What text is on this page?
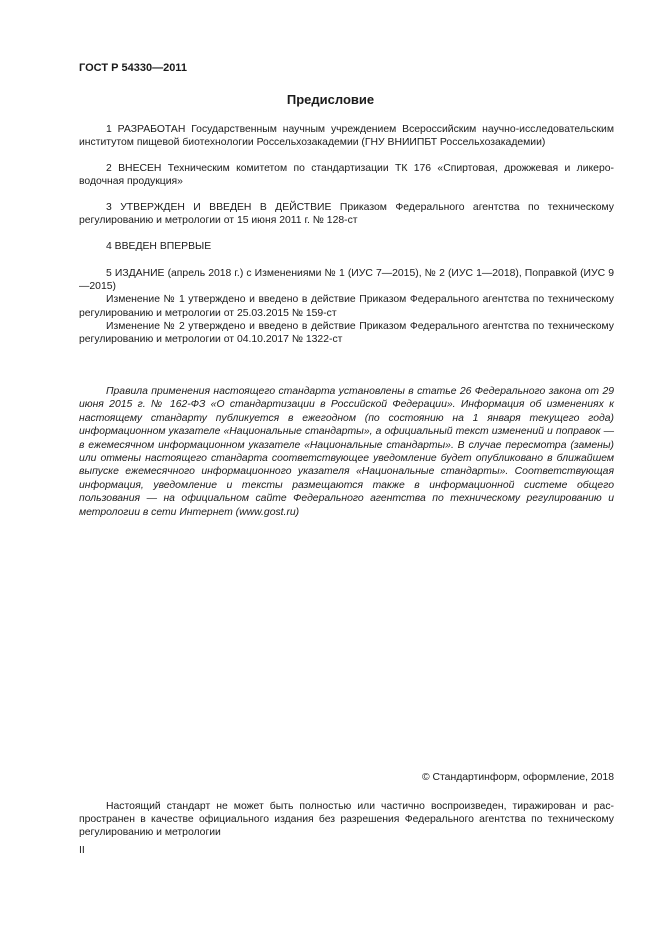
ГОСТ Р 54330—2011
Предисловие

1 РАЗРАБОТАН Государственным научным учреждением Всероссийским научно-исследовательским институтом пищевой биотехнологии Россельхозакадемии (ГНУ ВНИИПБТ Россельхозакадемии)

2 ВНЕСЕН Техническим комитетом по стандартизации ТК 176 «Спиртовая, дрожжевая и ликероводочная продукция»

3 УТВЕРЖДЕН И ВВЕДЕН В ДЕЙСТВИЕ Приказом Федерального агентства по техническому регулированию и метрологии от 15 июня 2011 г. № 128-ст

4 ВВЕДЕН ВПЕРВЫЕ

5 ИЗДАНИЕ (апрель 2018 г.) с Изменениями № 1 (ИУС 7—2015), № 2 (ИУС 1—2018), Поправкой (ИУС 9—2015)

Изменение № 1 утверждено и введено в действие Приказом Федерального агентства по техническому регулированию и метрологии от 25.03.2015 № 159-ст

Изменение № 2 утверждено и введено в действие Приказом Федерального агентства по техническому регулированию и метрологии от 04.10.2017 № 1322-ст

Правила применения настоящего стандарта установлены в статье 26 Федерального закона от 29 июня 2015 г. № 162-ФЗ «О стандартизации в Российской Федерации». Информация об изменениях к настоящему стандарту публикуется в ежегодном (по состоянию на 1 января текущего года) информационном указателе «Национальные стандарты», а официальный текст изменений и поправок — в ежемесячном информационном указателе «Национальные стандарты». В случае пересмотра (замены) или отмены настоящего стандарта соответствующее уведомление будет опубликовано в ближайшем выпуске ежемесячного информационного указателя «Национальные стандарты». Соответствующая информация, уведомление и тексты размещаются также в информационной системе общего пользования — на официальном сайте Федерального агентства по техническому регулированию и метрологии в сети Интернет (www.gost.ru)

© Стандартинформ, оформление, 2018

Настоящий стандарт не может быть полностью или частично воспроизведен, тиражирован и распространен в качестве официального издания без разрешения Федерального агентства по техническому регулированию и метрологии

II
